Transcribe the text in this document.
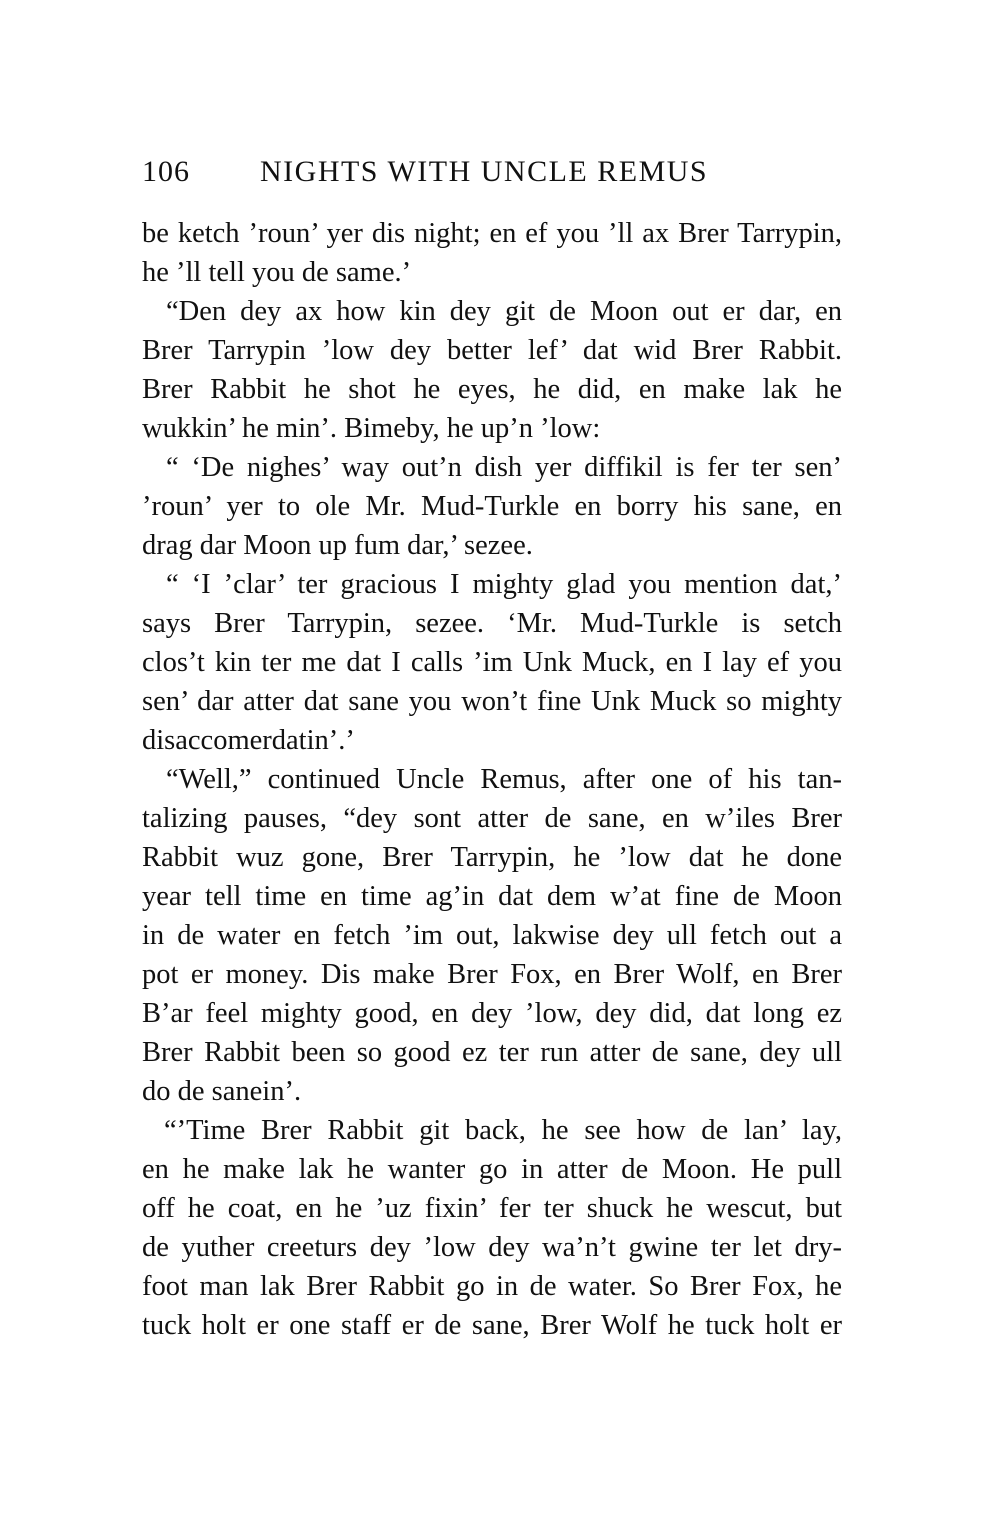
106 NIGHTS WITH UNCLE REMUS
be ketch ’roun’ yer dis night; en ef you ’ll ax Brer Tarrypin,
he ’ll tell you de same.’
“Den dey ax how kin dey git de Moon out er dar, en
Brer Tarrypin ’low dey better lef’ dat wid Brer Rabbit.
Brer Rabbit he shot he eyes, he did, en make lak he
wukkin’ he min’. Bimeby, he up’n ’low:
“ ‘De nighes’ way out’n dish yer diffikil is fer ter sen’
’roun’ yer to ole Mr. Mud-Turkle en borry his sane, en
drag dar Moon up fum dar,’ sezee.
“ ‘I ’clar’ ter gracious I mighty glad you mention dat,’
says Brer Tarrypin, sezee. ‘Mr. Mud-Turkle is setch
clos’t kin ter me dat I calls ’im Unk Muck, en I lay ef you
sen’ dar atter dat sane you won’t fine Unk Muck so mighty
disaccomerdatin’.’
“Well,” continued Uncle Remus, after one of his tan-
talizing pauses, “dey sont atter de sane, en w’iles Brer
Rabbit wuz gone, Brer Tarrypin, he ’low dat he done
year tell time en time ag’in dat dem w’at fine de Moon
in de water en fetch ’im out, lakwise dey ull fetch out a
pot er money. Dis make Brer Fox, en Brer Wolf, en Brer
B’ar feel mighty good, en dey ’low, dey did, dat long ez
Brer Rabbit been so good ez ter run atter de sane, dey ull
do de sanein’.
“’Time Brer Rabbit git back, he see how de lan’ lay,
en he make lak he wanter go in atter de Moon. He pull
off he coat, en he ’uz fixin’ fer ter shuck he wescut, but
de yuther creeturs dey ’low dey wa’n’t gwine ter let dry-
foot man lak Brer Rabbit go in de water. So Brer Fox, he
tuck holt er one staff er de sane, Brer Wolf he tuck holt er
